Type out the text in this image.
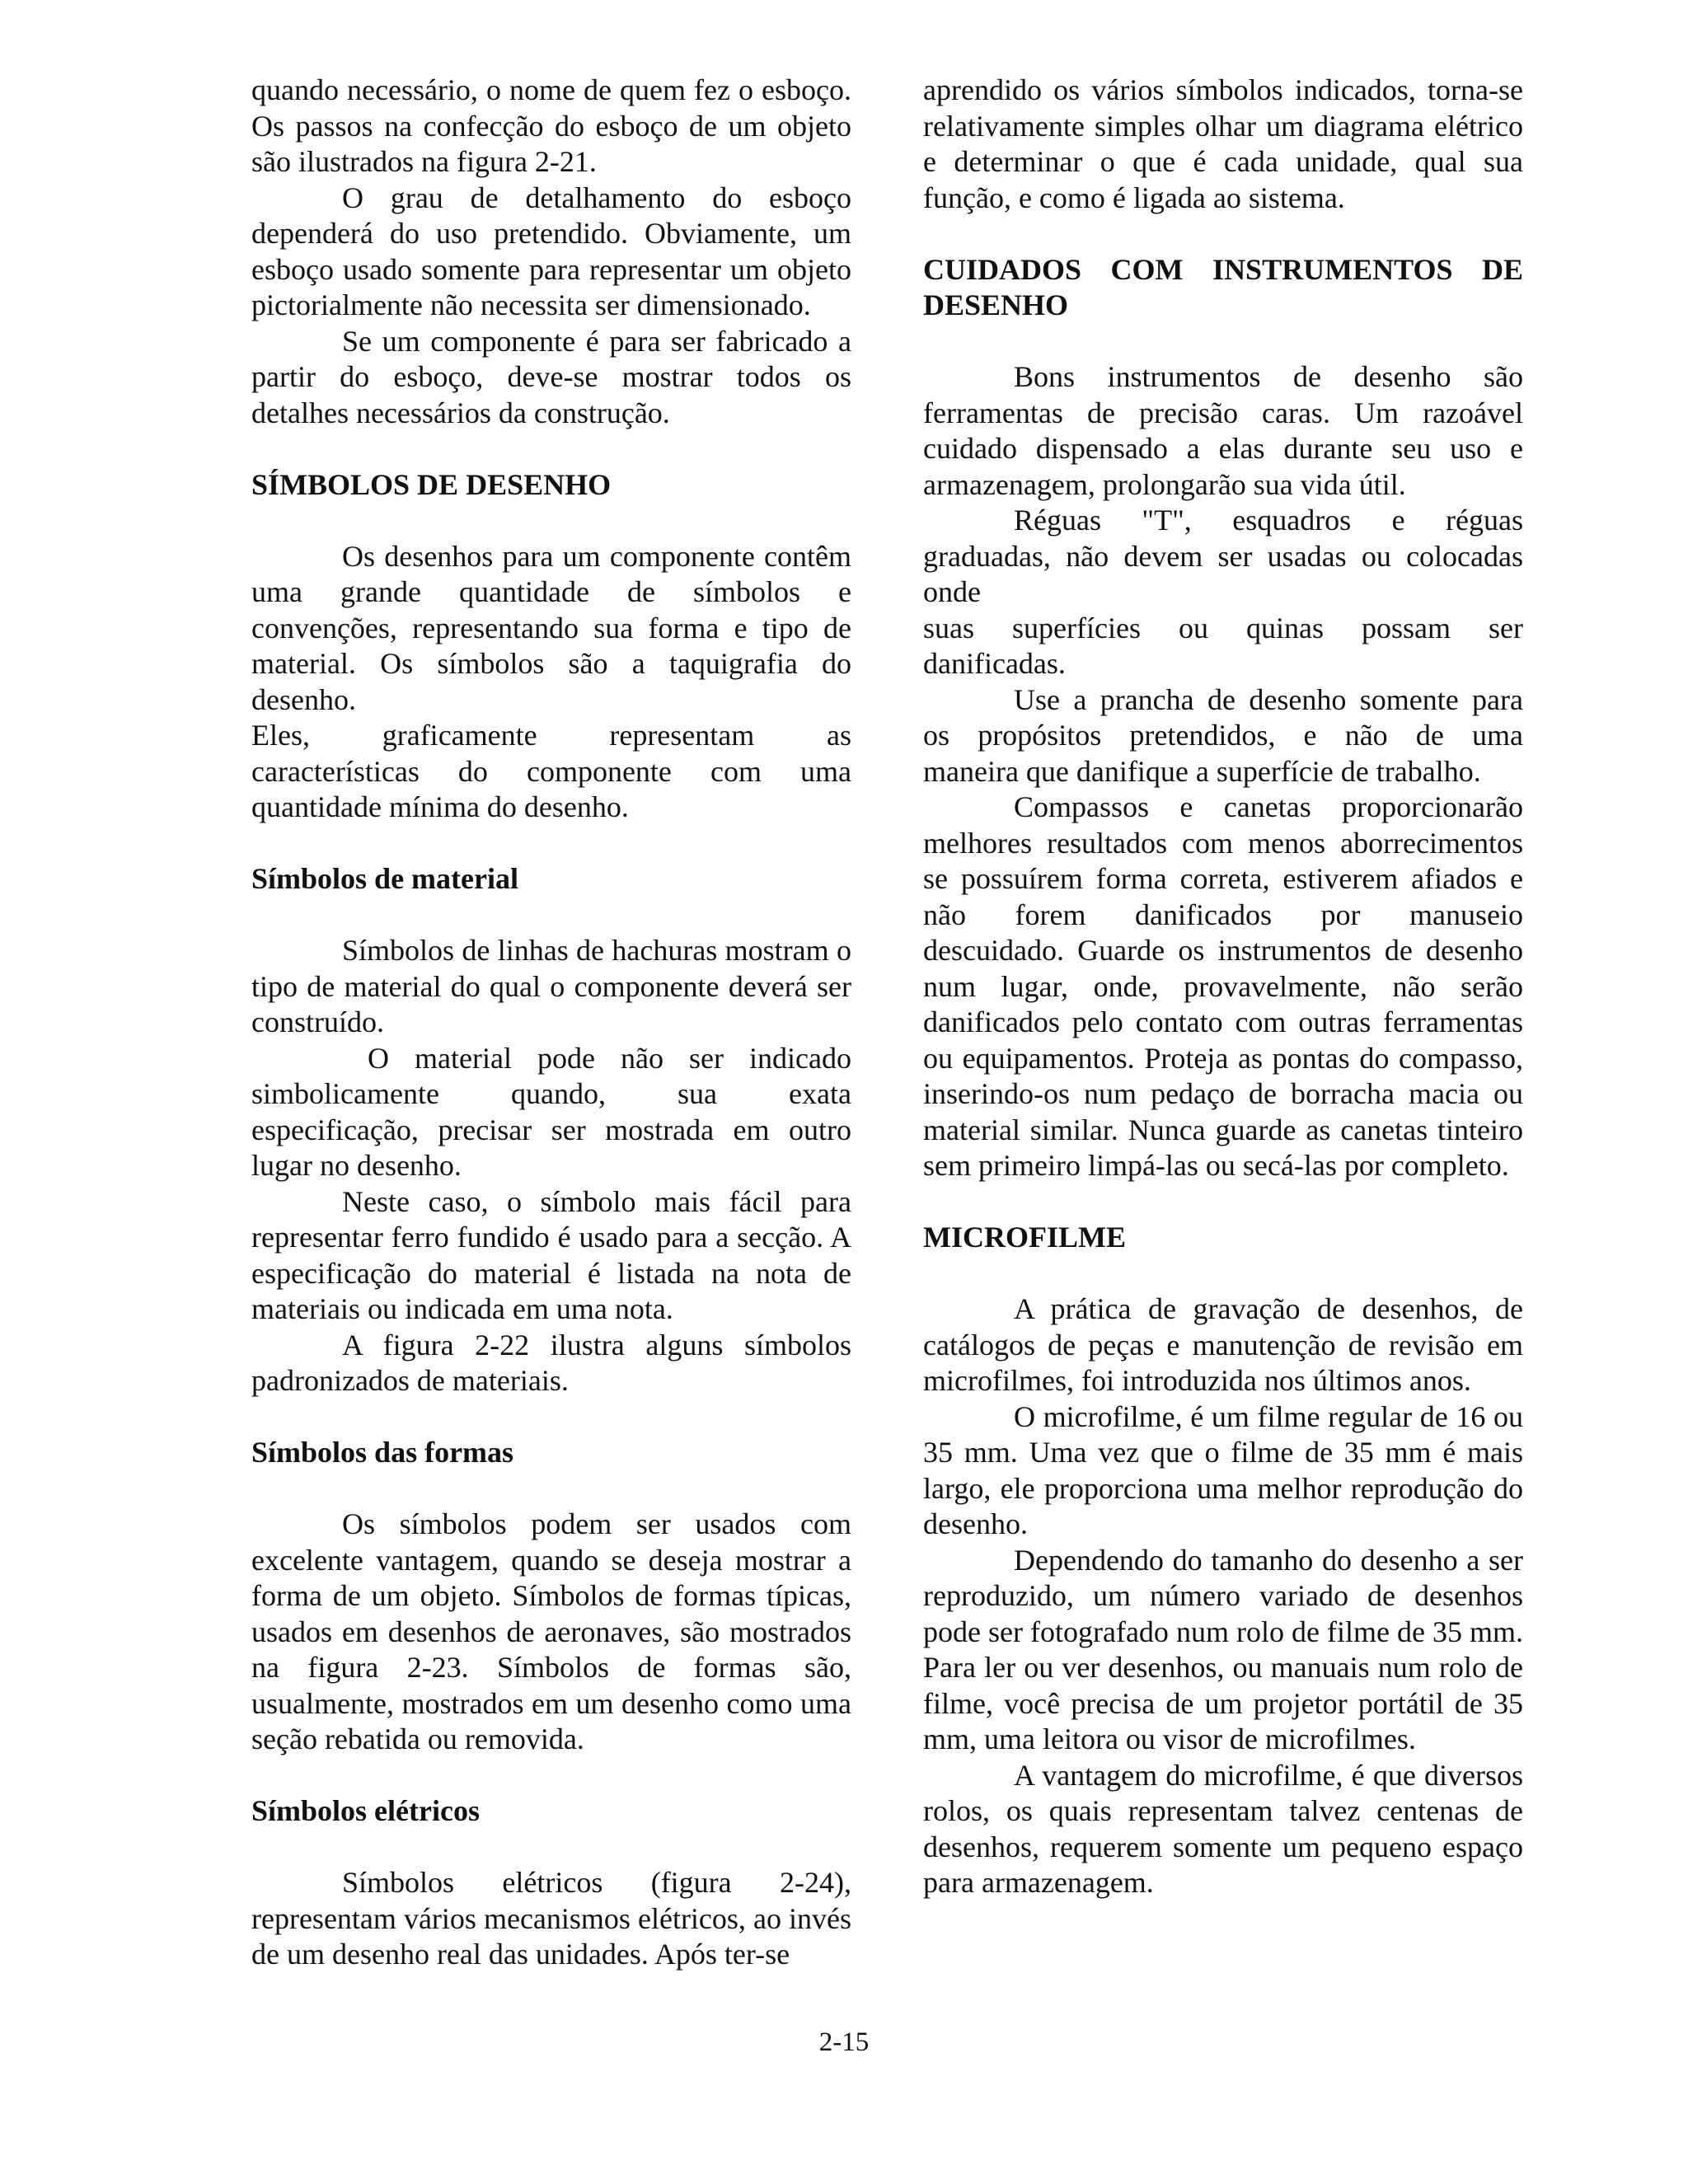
quando necessário, o nome de quem fez o esboço. Os passos na confecção do esboço de um objeto são ilustrados na figura 2-21.

O grau de detalhamento do esboço dependerá do uso pretendido. Obviamente, um esboço usado somente para representar um objeto pictorialmente não necessita ser dimensionado.

Se um componente é para ser fabricado a partir do esboço, deve-se mostrar todos os detalhes necessários da construção.

SÍMBOLOS DE DESENHO

Os desenhos para um componente contêm uma grande quantidade de símbolos e convenções, representando sua forma e tipo de material. Os símbolos são a taquigrafia do desenho.

Eles, graficamente representam as
características do componente com uma

quantidade mínima do desenho.

Símbolos de material

Símbolos de linhas de hachuras mostram o tipo de material do qual o componente deverá ser construído.

O material pode não ser indicado
simbolicamente quando, sua exata

especificação, precisar ser mostrada em outro lugar no desenho.

Neste caso, o símbolo mais fácil para representar ferro fundido é usado para a secção. A especificação do material é listada na nota de materiais ou indicada em uma nota.

A figura 2-22 ilustra alguns símbolos padronizados de materiais.

Símbolos das formas

Os símbolos podem ser usados com excelente vantagem, quando se deseja mostrar a forma de um objeto. Símbolos de formas típicas, usados em desenhos de aeronaves, são mostrados na figura 2-23. Símbolos de formas são, usualmente, mostrados em um desenho como uma seção rebatida ou removida.

Símbolos elétricos

Símbolos elétricos (figura 2-24), representam vários mecanismos elétricos, ao invés de um desenho real das unidades. Após ter-se

aprendido os vários símbolos indicados, torna-se relativamente simples olhar um diagrama elétrico e determinar o que é cada unidade, qual sua função, e como é ligada ao sistema.

CUIDADOS COM INSTRUMENTOS DE DESENHO

Bons instrumentos de desenho são ferramentas de precisão caras. Um razoável cuidado dispensado a elas durante seu uso e armazenagem, prolongarão sua vida útil.

Réguas "T", esquadros e réguas graduadas, não devem ser usadas ou colocadas onde

suas superfícies ou quinas possam ser

danificadas.

Use a prancha de desenho somente para
os propósitos pretendidos, e não de uma

maneira que danifique a superfície de trabalho.

Compassos e canetas proporcionarão
melhores resultados com menos aborrecimentos
se possuírem forma correta, estiverem afiados e
não forem danificados por manuseio

descuidado. Guarde os instrumentos de desenho num lugar, onde, provavelmente, não serão danificados pelo contato com outras ferramentas ou equipamentos. Proteja as pontas do compasso, inserindo-os num pedaço de borracha macia ou material similar. Nunca guarde as canetas tinteiro sem primeiro limpá-las ou secá-las por completo.

MICROFILME

A prática de gravação de desenhos, de catálogos de peças e manutenção de revisão em microfilmes, foi introduzida nos últimos anos.

O microfilme, é um filme regular de 16 ou 35 mm. Uma vez que o filme de 35 mm é mais largo, ele proporciona uma melhor reprodução do desenho.

Dependendo do tamanho do desenho a ser reproduzido, um número variado de desenhos pode ser fotografado num rolo de filme de 35 mm. Para ler ou ver desenhos, ou manuais num rolo de filme, você precisa de um projetor portátil de 35 mm, uma leitora ou visor de microfilmes.

A vantagem do microfilme, é que diversos rolos, os quais representam talvez centenas de desenhos, requerem somente um pequeno espaço para armazenagem.

2-15
